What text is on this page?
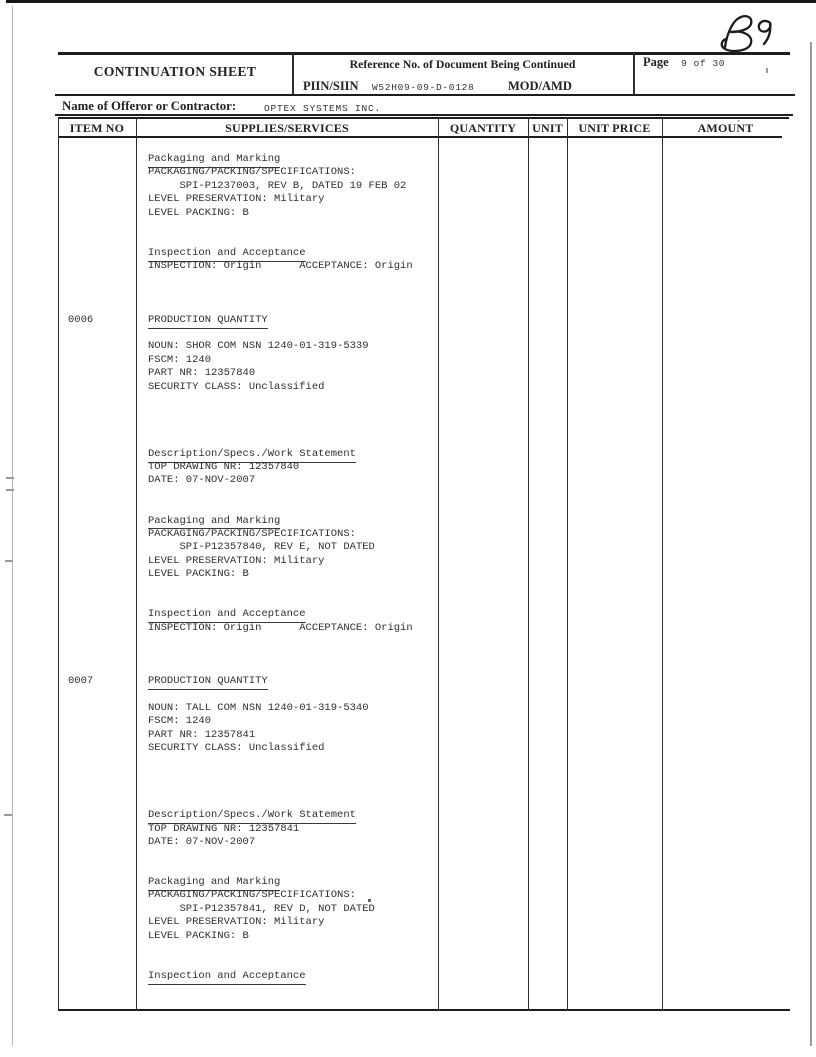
CONTINUATION SHEET	Reference No. of Document Being Continued
PIIN/SIIN W52H09-09-D-0128	MOD/AMD
Page 9 of 30
Name of Offeror or Contractor:	OPTEX SYSTEMS INC.
ITEM NO	SUPPLIES/SERVICES	QUANTITY	UNIT	UNIT PRICE	AMOUNT
Packaging and Marking
PACKAGING/PACKING/SPECIFICATIONS:
SPI-P1237003, REV B, DATED 19 FEB 02
LEVEL PRESERVATION: Military
LEVEL PACKING: B
Inspection and Acceptance
INSPECTION: Origin      ACCEPTANCE: Origin
0006	PRODUCTION QUANTITY
NOUN: SHOR COM NSN 1240-01-319-5339
FSCM: 1240
PART NR: 12357840
SECURITY CLASS: Unclassified
Description/Specs./Work Statement
TOP DRAWING NR: 12357840
DATE: 07-NOV-2007
Packaging and Marking
PACKAGING/PACKING/SPECIFICATIONS:
SPI-P12357840, REV E, NOT DATED
LEVEL PRESERVATION: Military
LEVEL PACKING: B
Inspection and Acceptance
INSPECTION: Origin      ACCEPTANCE: Origin
0007	PRODUCTION QUANTITY
NOUN: TALL COM NSN 1240-01-319-5340
FSCM: 1240
PART NR: 12357841
SECURITY CLASS: Unclassified
Description/Specs./Work Statement
TOP DRAWING NR: 12357841
DATE: 07-NOV-2007
Packaging and Marking
PACKAGING/PACKING/SPECIFICATIONS:
SPI-P12357841, REV D, NOT DATED
LEVEL PRESERVATION: Military
LEVEL PACKING: B
Inspection and Acceptance
